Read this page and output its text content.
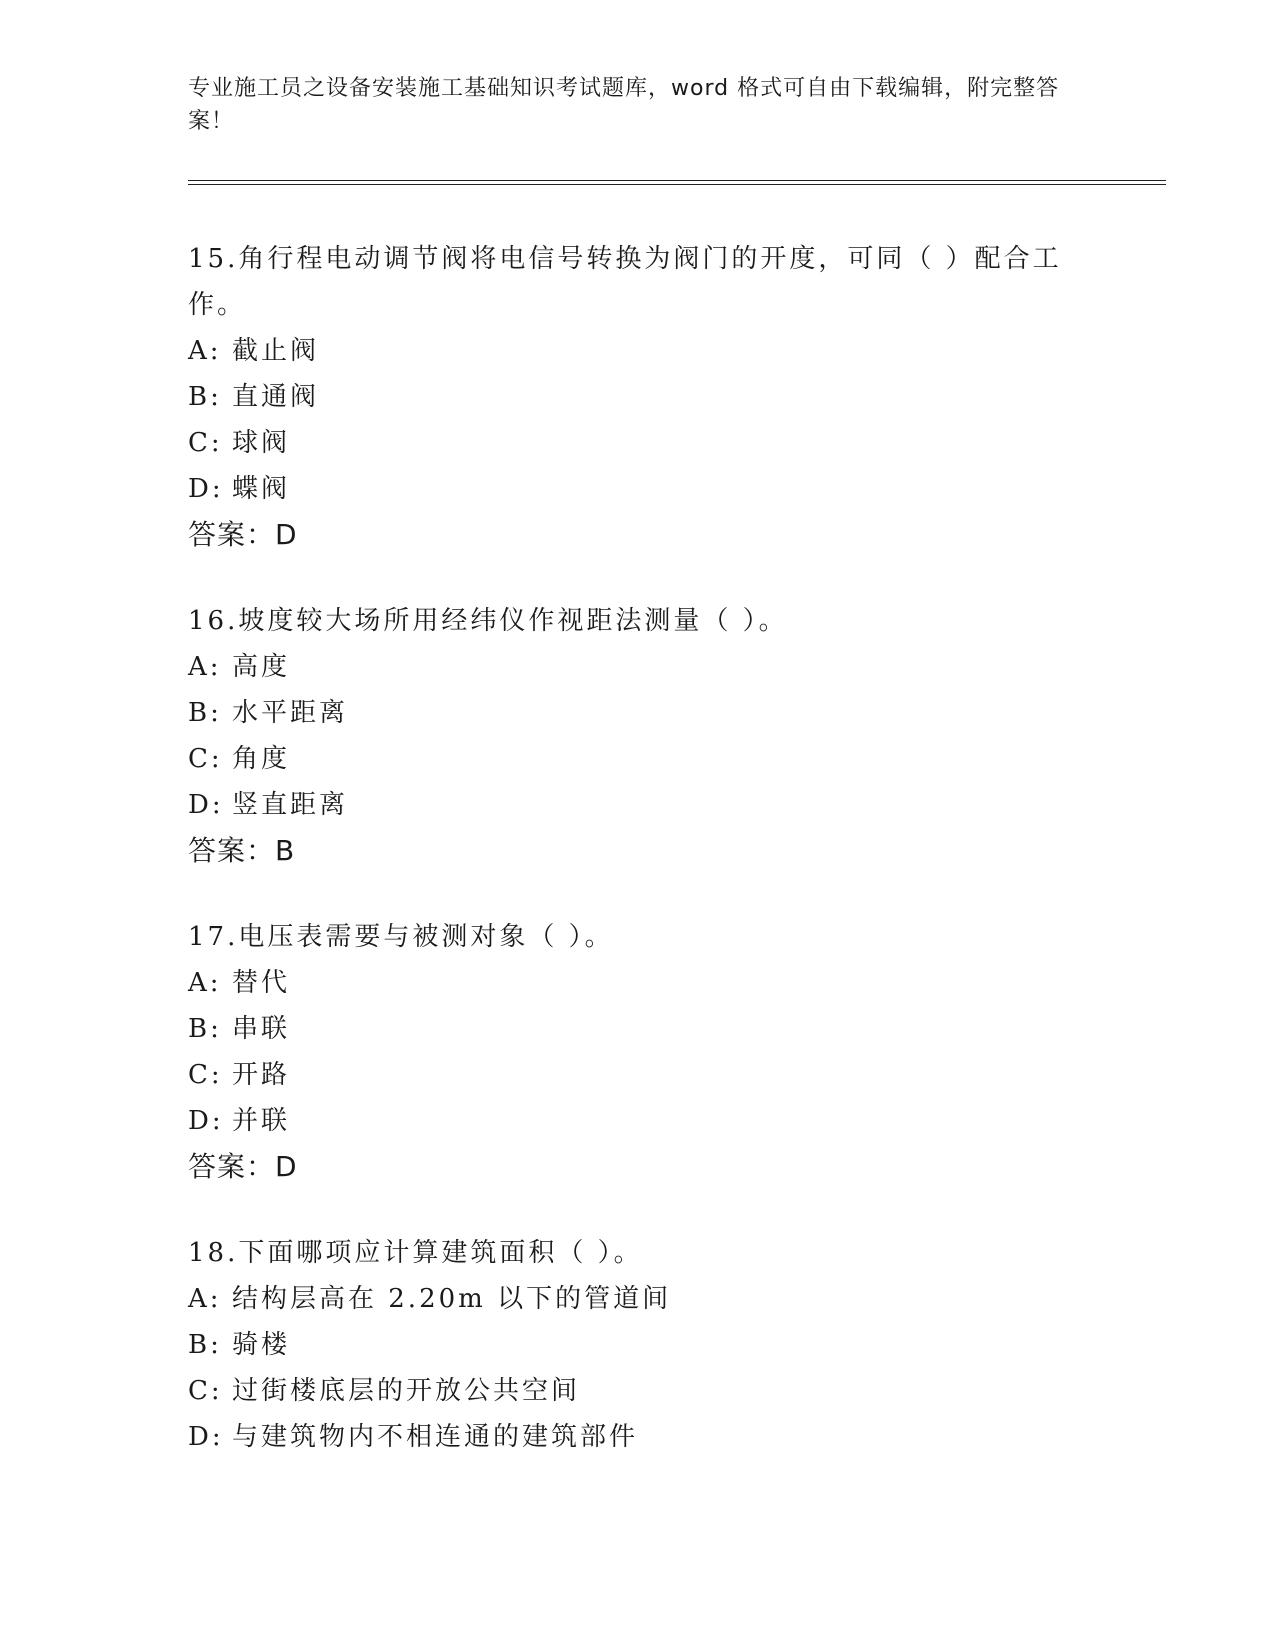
专业施工员之设备安装施工基础知识考试题库，word 格式可自由下载编辑，附完整答案！
15.角行程电动调节阀将电信号转换为阀门的开度，可同（ ）配合工作。
A: 截止阀
B: 直通阀
C: 球阀
D: 蝶阀
答案：D
16.坡度较大场所用经纬仪作视距法测量（ ）。
A: 高度
B: 水平距离
C: 角度
D: 竖直距离
答案：B
17.电压表需要与被测对象（ ）。
A: 替代
B: 串联
C: 开路
D: 并联
答案：D
18.下面哪项应计算建筑面积（ ）。
A: 结构层高在 2.20m 以下的管道间
B: 骑楼
C: 过街楼底层的开放公共空间
D: 与建筑物内不相连通的建筑部件
